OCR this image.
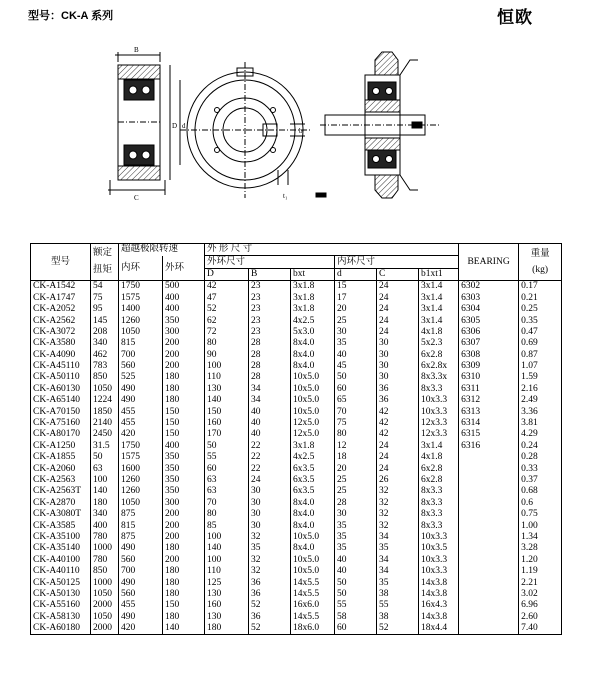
型号：CK-A 系列	恒欧
B
C
D d
b
t₁
型号	额定扭矩	超越极限转速		外 形 尺 寸						BEARING	重量
(kg)
		内环	外环	外环尺寸			内环尺寸				
				D	B	bxt	d	C	b1xt1		
CK-A1542	54	1750	500	42	23	3x1.8	15	24	3x1.4	6302	0.17
CK-A1747	75	1575	400	47	23	3x1.8	17	24	3x1.4	6303	0.21
CK-A2052	95	1400	400	52	23	3x1.8	20	24	3x1.4	6304	0.25
CK-A2562	145	1260	350	62	23	4x2.5	25	24	3x1.4	6305	0.35
CK-A3072	208	1050	300	72	23	5x3.0	30	24	4x1.8	6306	0.47
CK-A3580	340	815	200	80	28	8x4.0	35	30	5x2.3	6307	0.69
CK-A4090	462	700	200	90	28	8x4.0	40	30	6x2.8	6308	0.87
CK-A45110	783	560	200	100	28	8x4.0	45	30	6x2.8x	6309	1.07
CK-A50110	850	525	180	110	28	10x5.0	50	30	8x3.3x	6310	1.59
CK-A60130	1050	490	180	130	34	10x5.0	60	36	8x3.3	6311	2.16
CK-A65140	1224	490	180	140	34	10x5.0	65	36	10x3.3	6312	2.49
CK-A70150	1850	455	150	150	40	10x5.0	70	42	10x3.3	6313	3.36
CK-A75160	2140	455	150	160	40	12x5.0	75	42	12x3.3	6314	3.81
CK-A80170	2450	420	150	170	40	12x5.0	80	42	12x3.3	6315	4.29
CK-A1250	31.5	1750	400	50	22	3x1.8	12	24	3x1.4	6316	0.24
CK-A1855	50	1575	350	55	22	4x2.5	18	24	4x1.8		0.28
CK-A2060	63	1600	350	60	22	6x3.5	20	24	6x2.8		0.33
CK-A2563	100	1260	350	63	24	6x3.5	25	26	6x2.8		0.37
CK-A2563T	140	1260	350	63	30	6x3.5	25	32	8x3.3		0.68
CK-A2870	180	1050	300	70	30	8x4.0	28	32	8x3.3		0.6
CK-A3080T	340	875	200	80	30	8x4.0	30	32	8x3.3		0.75
CK-A3585	400	815	200	85	30	8x4.0	35	32	8x3.3		1.00
CK-A35100	780	875	200	100	32	10x5.0	35	34	10x3.3		1.34
CK-A35140	1000	490	180	140	35	8x4.0	35	35	10x3.5		3.28
CK-A40100	780	560	200	100	32	10x5.0	40	34	10x3.3		1.20
CK-A40110	850	700	180	110	32	10x5.0	40	34	10x3.3		1.19
CK-A50125	1000	490	180	125	36	14x5.5	50	35	14x3.8		2.21
CK-A50130	1050	560	180	130	36	14x5.5	50	38	14x3.8		3.02
CK-A55160	2000	455	150	160	52	16x6.0	55	55	16x4.3		6.96
CK-A58130	1050	490	180	130	36	14x5.5	58	38	14x3.8		2.60
CK-A60180	2000	420	140	180	52	18x6.0	60	52	18x4.4		7.40
